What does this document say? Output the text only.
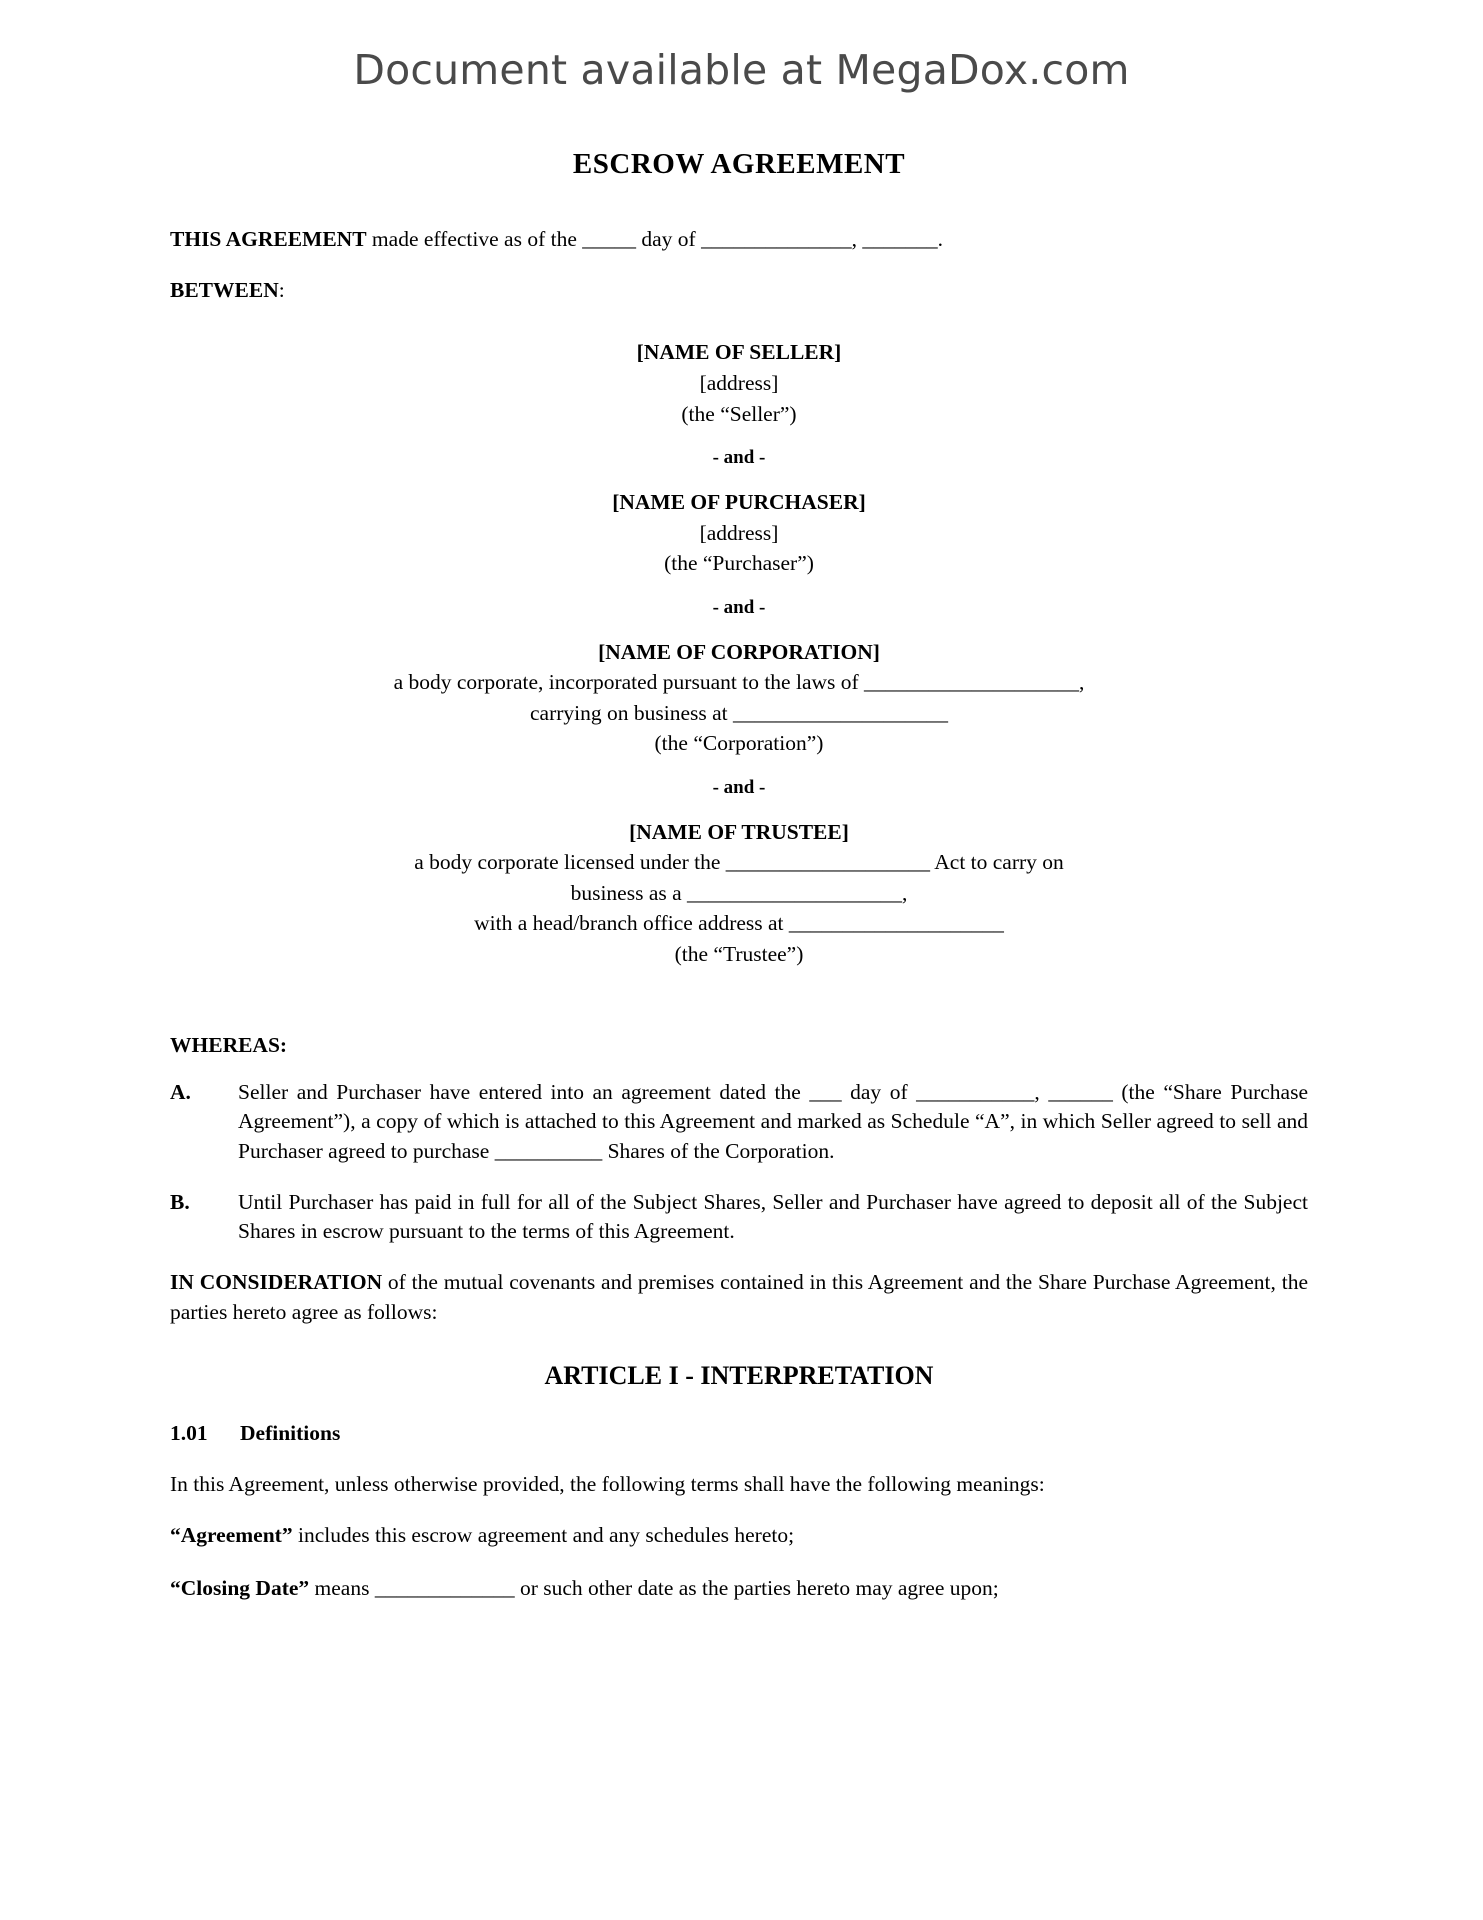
Document available at MegaDox.com
ESCROW AGREEMENT

THIS AGREEMENT made effective as of the _____ day of ______________, _______.

BETWEEN:

[NAME OF SELLER]
[address]
(the “Seller”)
- and -
[NAME OF PURCHASER]
[address]
(the “Purchaser”)
- and -
[NAME OF CORPORATION]
a body corporate, incorporated pursuant to the laws of ____________________,
carrying on business at ____________________
(the “Corporation”)
- and -
[NAME OF TRUSTEE]
a body corporate licensed under the ___________________ Act to carry on
business as a ____________________,
with a head/branch office address at ____________________
(the “Trustee”)
WHEREAS:
A.	Seller and Purchaser have entered into an agreement dated the ___ day of ___________, ______ (the “Share Purchase Agreement”), a copy of which is attached to this Agreement and marked as Schedule “A”, in which Seller agreed to sell and Purchaser agreed to purchase __________ Shares of the Corporation.
B.	Until Purchaser has paid in full for all of the Subject Shares, Seller and Purchaser have agreed to deposit all of the Subject Shares in escrow pursuant to the terms of this Agreement.

IN CONSIDERATION of the mutual covenants and premises contained in this Agreement and the Share Purchase Agreement, the parties hereto agree as follows:

ARTICLE I - INTERPRETATION
1.01	Definitions

In this Agreement, unless otherwise provided, the following terms shall have the following meanings:

“Agreement” includes this escrow agreement and any schedules hereto;

“Closing Date” means _____________ or such other date as the parties hereto may agree upon;
